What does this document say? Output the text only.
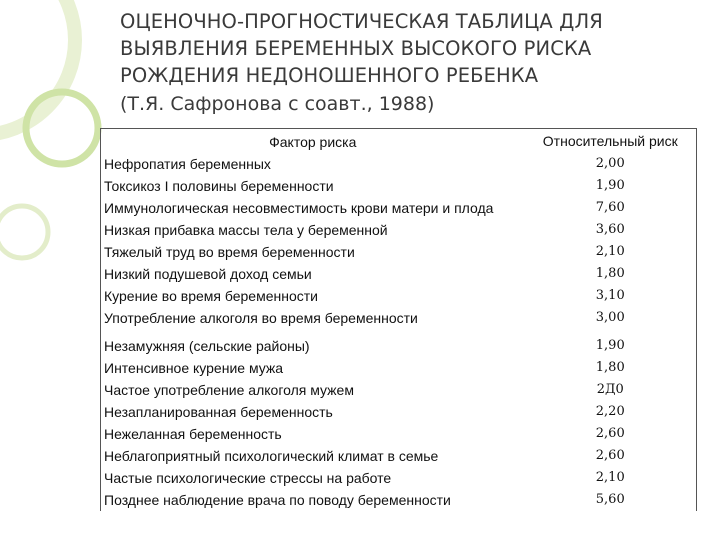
ОЦЕНОЧНО-ПРОГНОСТИЧЕСКАЯ ТАБЛИЦА ДЛЯ
ВЫЯВЛЕНИЯ БЕРЕМЕННЫХ ВЫСОКОГО РИСКА
РОЖДЕНИЯ НЕДОНОШЕННОГО РЕБЕНКА
(Т.Я. Сафронова с соавт., 1988)
Фактор риска	Относительный риск
Нефропатия беременных	2,00
Токсикоз I половины беременности	1,90
Иммунологическая несовместимость крови матери и плода	7,60
Низкая прибавка массы тела у беременной	3,60
Тяжелый труд во время беременности	2,10
Низкий подушевой доход семьи	1,80
Курение во время беременности	3,10
Употребление алкоголя во время беременности	3,00
Незамужняя (сельские районы)	1,90
Интенсивное курение мужа	1,80
Частое употребление алкоголя мужем	2Д0
Незапланированная беременность	2,20
Нежеланная беременность	2,60
Неблагоприятный психологический климат в семье	2,60
Частые психологические стрессы на работе	2,10
Позднее наблюдение врача по поводу беременности	5,60
